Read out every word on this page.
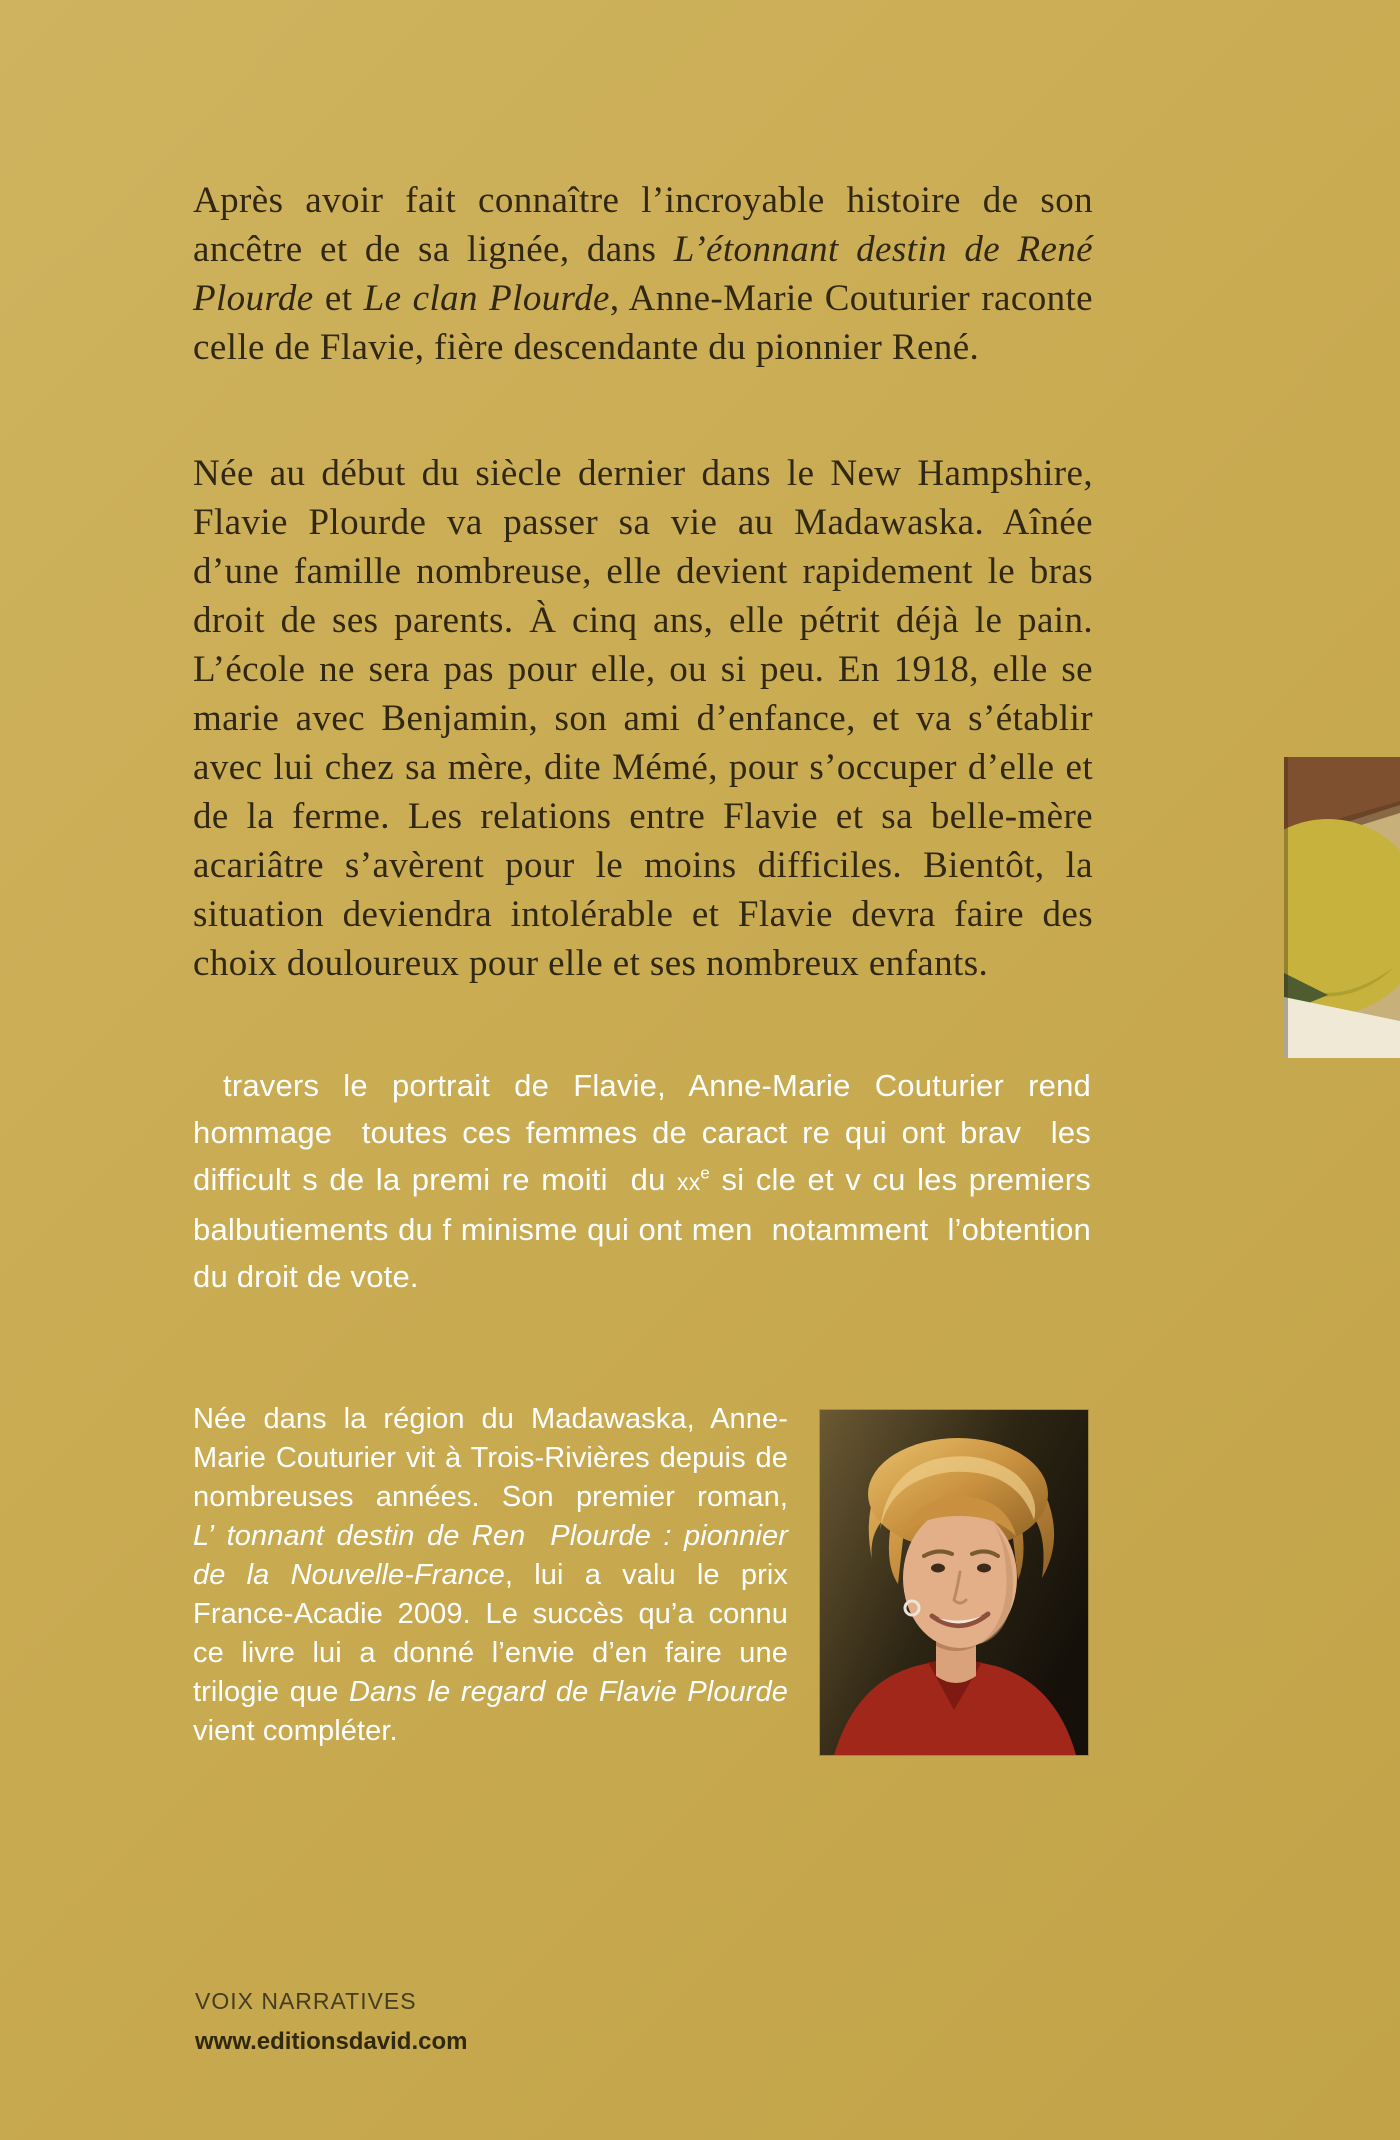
Après avoir fait connaître l’incroyable histoire de son ancêtre et de sa lignée, dans L’étonnant destin de René Plourde et Le clan Plourde, Anne-Marie Couturier raconte celle de Flavie, fière descendante du pionnier René.

Née au début du siècle dernier dans le New Hampshire, Flavie Plourde va passer sa vie au Madawaska. Aînée d’une famille nombreuse, elle devient rapidement le bras droit de ses parents. À cinq ans, elle pétrit déjà le pain. L’école ne sera pas pour elle, ou si peu. En 1918, elle se marie avec Benjamin, son ami d’enfance, et va s’établir avec lui chez sa mère, dite Mémé, pour s’occuper d’elle et de la ferme. Les relations entre Flavie et sa belle-mère acariâtre s’avèrent pour le moins difficiles. Bientôt, la situation deviendra intolérable et Flavie devra faire des choix douloureux pour elle et ses nombreux enfants.

travers le portrait de Flavie, Anne-Marie Couturier rend hommage  toutes ces femmes de caract re qui ont brav  les difficult s de la premi re moiti  du $xx^e$ si cle et v cu les premiers balbutiements du f minisme qui ont men  notamment  l’obtention du droit de vote.

Née dans la région du Madawaska, Anne-Marie Couturier vit à Trois-Rivières depuis de nombreuses années. Son premier roman, L’ tonnant destin de Ren  Plourde : pionnier de la Nouvelle-France, lui a valu le prix France-Acadie 2009. Le succès qu’a connu ce livre lui a donné l’envie d’en faire une trilogie que Dans le regard de Flavie Plourde vient compléter.

VOIX NARRATIVES

www.editionsdavid.com
